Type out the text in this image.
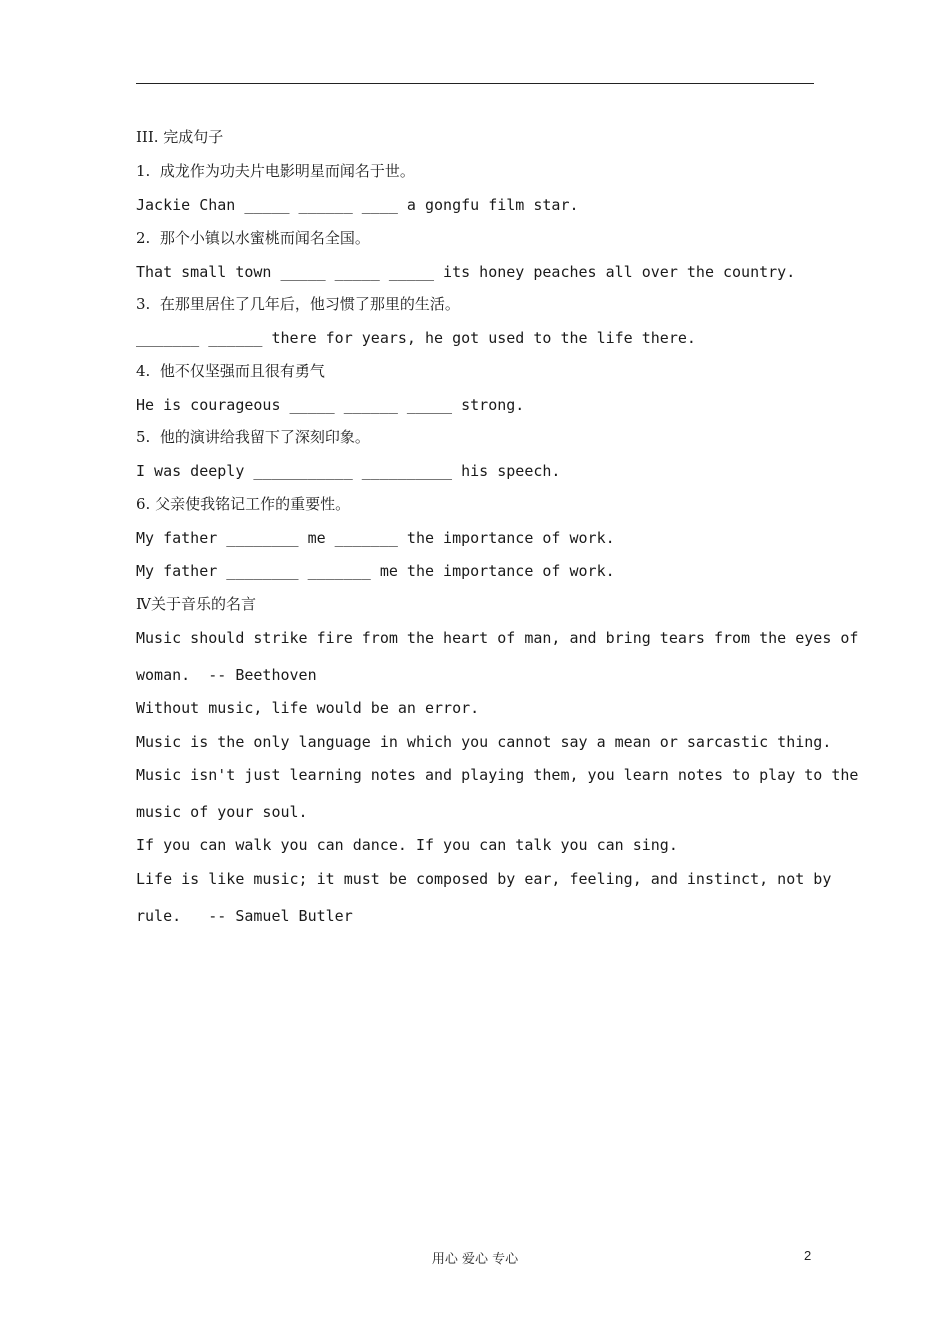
III. 完成句子
1.  成龙作为功夫片电影明星而闻名于世。
Jackie Chan _____ ______ ____ a gongfu film star.
2.  那个小镇以水蜜桃而闻名全国。
That small town _____ _____ _____ its honey peaches all over the country.
3.  在那里居住了几年后，他习惯了那里的生活。
_______ ______ there for years, he got used to the life there.
4.  他不仅坚强而且很有勇气
He is courageous _____ ______ _____ strong.
5.  他的演讲给我留下了深刻印象。
I was deeply ___________ __________ his speech.
6. 父亲使我铭记工作的重要性。
My father ________ me _______ the importance of work.
My father ________ _______ me the importance of work.
Ⅳ关于音乐的名言
Music should strike fire from the heart of man, and bring tears from the eyes of
woman.  -- Beethoven
Without music, life would be an error.
Music is the only language in which you cannot say a mean or sarcastic thing.
Music isn't just learning notes and playing them, you learn notes to play to the
music of your soul.
If you can walk you can dance. If you can talk you can sing.
Life is like music; it must be composed by ear, feeling, and instinct, not by
rule.   -- Samuel Butler
用心 爱心 专心	2
